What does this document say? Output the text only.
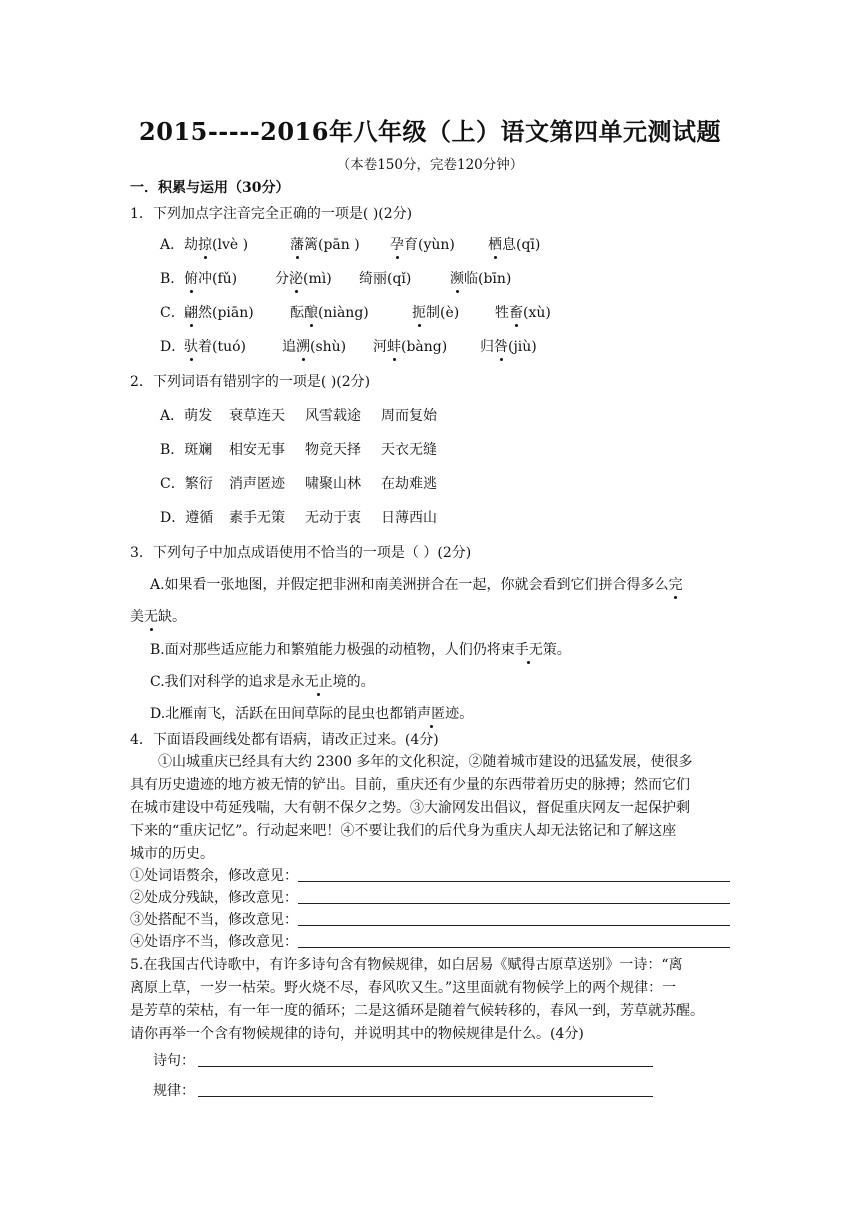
2015-----2016年八年级（上）语文第四单元测试题
（本卷150分，完卷120分钟）
一．积累与运用（30分）
1．下列加点字注音完全正确的一项是( )(2分)
A． 劫掠(lvè )	藩篱(pān ) 孕育(yùn) 栖息(qī)
B． 俯冲(fǔ)	分泌(mì) 绮丽(qǐ)	濒临(bīn)
C． 翩然(piān)	酝酿(niàng)	扼制(è)	牲畜(xù)
D．
驮着(tuó)	追溯(shù) 河蚌(bàng) 归咎(jiù)
2．下列词语有错别字的一项是( )(2分)
A．萌发 衰草连天 风雪载途 周而复始
B．斑斓 相安无事 物竞天择 天衣无缝
C．繁衍 消声匿迹 啸聚山林 在劫难逃
D．遵循 素手无策 无动于衷 日薄西山
3．下列句子中加点成语使用不恰当的一项是（ ）(2分)
A.如果看一张地图，并假定把非洲和南美洲拼合在一起，你就会看到它们拼合得多么完
美无缺。
B.面对那些适应能力和繁殖能力极强的动植物，人们仍将束手无策。
C.我们对科学的追求是永无止境的。
D.北雁南飞，活跃在田间草际的昆虫也都销声匿迹。
4．下面语段画线处都有语病，请改正过来。(4分)
①山城重庆已经具有大约 2300 多年的文化积淀，②随着城市建设的迅猛发展，使很多
具有历史遗迹的地方被无情的铲出。目前，重庆还有少量的东西带着历史的脉搏；然而它们
在城市建设中苟延残喘，大有朝不保夕之势。③大渝网发出倡议，督促重庆网友一起保护剩
下来的“重庆记忆”。行动起来吧！④不要让我们的后代身为重庆人却无法铭记和了解这座
城市的历史。
①处词语赘余，修改意见：
②处成分残缺，修改意见：
③处搭配不当，修改意见：
④处语序不当，修改意见：
5.在我国古代诗歌中，有许多诗句含有物候规律，如白居易《赋得古原草送别》一诗：“离
离原上草，一岁一枯荣。野火烧不尽，春风吹又生。”这里面就有物候学上的两个规律：一
是芳草的荣枯，有一年一度的循环；二是这循环是随着气候转移的，春风一到，芳草就苏醒。
请你再举一个含有物候规律的诗句，并说明其中的物候规律是什么。(4分)
诗句：
规律：
